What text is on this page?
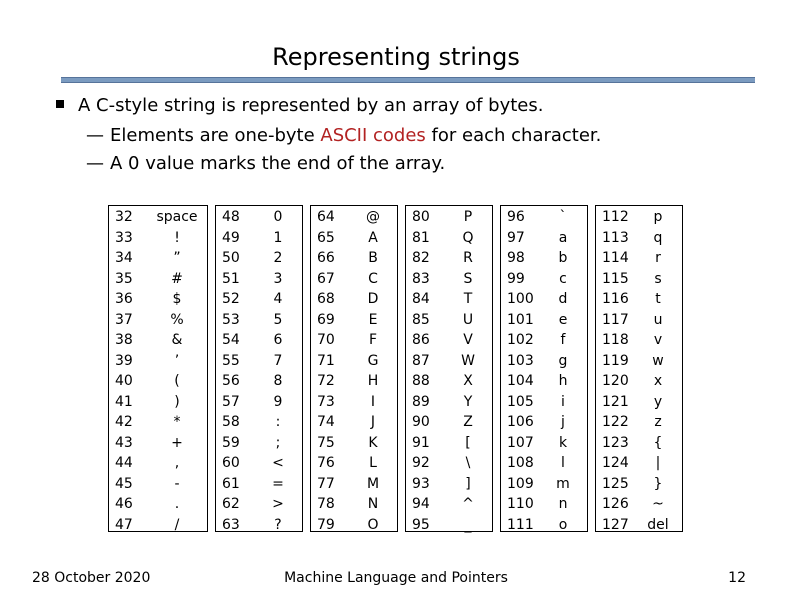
Representing strings
A C-style string is represented by an array of bytes.
— Elements are one-byte ASCII codes for each character.
— A 0 value marks the end of the array.
32
33
34
35
36
37
38
39
40
41
42
43
44
45
46
47
space
!
”
#
$
%
&
’
(
)
*
+
,
-
.
/
48
49
50
51
52
53
54
55
56
57
58
59
60
61
62
63
0
1
2
3
4
5
6
7
8
9
:
;
<
=
>
?
64
65
66
67
68
69
70
71
72
73
74
75
76
77
78
79
@
A
B
C
D
E
F
G
H
I
J
K
L
M
N
O
80
81
82
83
84
85
86
87
88
89
90
91
92
93
94
95
P
Q
R
S
T
U
V
W
X
Y
Z
[
\
]
^
_
96
97
98
99
100
101
102
103
104
105
106
107
108
109
110
111
`
a
b
c
d
e
f
g
h
i
j
k
l
m
n
o
112
113
114
115
116
117
118
119
120
121
122
123
124
125
126
127
p
q
r
s
t
u
v
w
x
y
z
{
|
}
~
del
28 October 2020	Machine Language and Pointers	12
